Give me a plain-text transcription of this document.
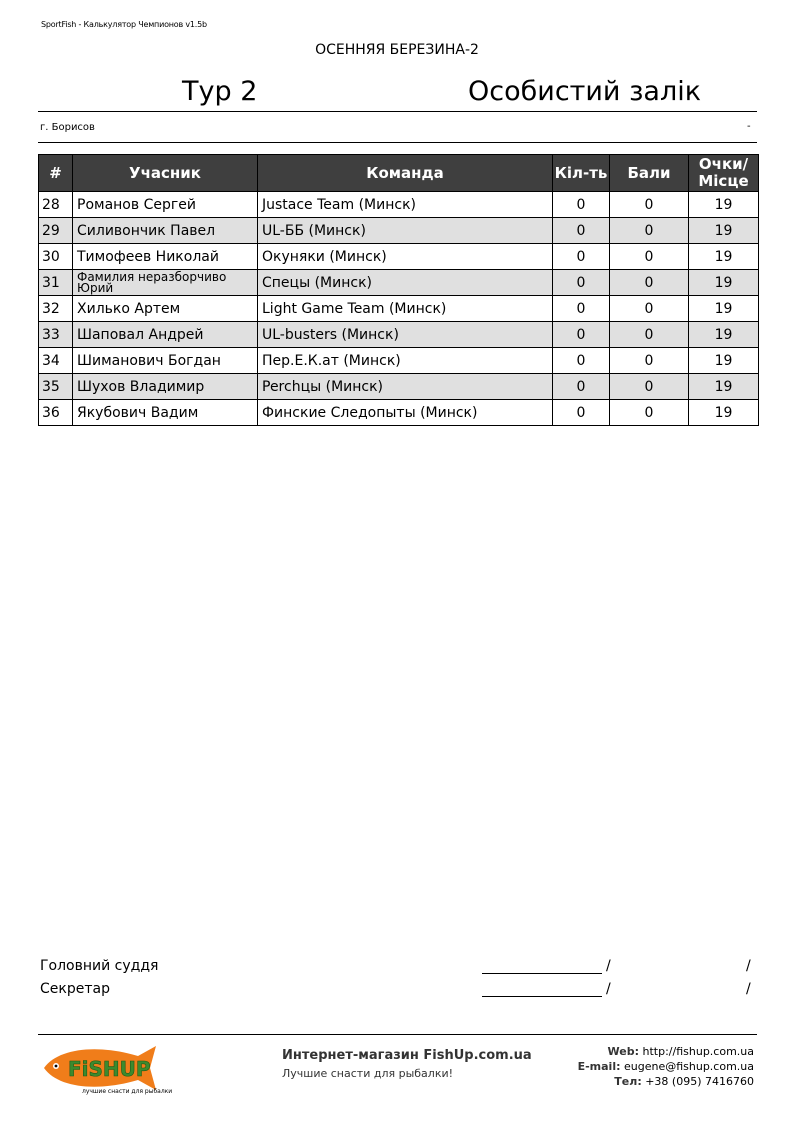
SportFish - Калькулятор Чемпионов v1.5b
ОСЕННЯЯ БЕРЕЗИНА-2
Тур 2	Особистий залік
г. Борисов	-
#	Учасник	Команда	Кіл-ть	Бали	Очки/ Місце
28	Романов Сергей	Justace Team (Минск)	0	0	19
29	Силивончик Павел	UL-ББ (Минск)	0	0	19
30	Тимофеев Николай	Окуняки (Минск)	0	0	19
31	Фамилия неразборчиво Юрий	Спецы (Минск)	0	0	19
32	Хилько Артем	Light Game Team (Минск)	0	0	19
33	Шаповал Андрей	UL-busters (Минск)	0	0	19
34	Шиманович Богдан	Пер.Е.К.ат (Минск)	0	0	19
35	Шухов Владимир	Perchцы (Минск)	0	0	19
36	Якубович Вадим	Финские Следопыты (Минск)	0	0	19
Головний суддя	/	/
Секретар	/	/
FiSHUP
лучшие снасти для рыбалки
Интернет-магазин FishUp.com.ua
Лучшие снасти для рыбалки!
Web: http://fishup.com.ua
E-mail: eugene@fishup.com.ua
Тел: +38 (095) 7416760
